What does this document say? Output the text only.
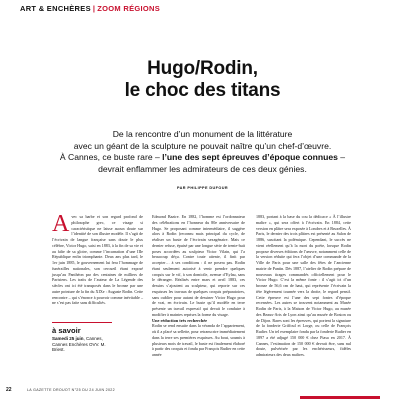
ART & ENCHÈRES | ZOOM RÉGIONS
Hugo/Rodin,
le choc des titans
De la rencontre d’un monument de la littérature
avec un géant de la sculpture ne pouvait naître qu’un chef-d’œuvre.
À Cannes, ce buste rare – l’une des sept épreuves d’époque connues –
devrait enflammer les admirateurs de ces deux génies.
PAR PHILIPPE DUFOUR
A vec sa barbe et son regard profond de philosophe grec, ce visage si caractéristique ne laisse aucun doute sur l’identité de son illustre modèle. Il s’agit de l’écrivain de langue française sans doute le plus célèbre, Victor Hugo, saisi en 1883, à la fin de sa vie et au faîte de sa gloire, comme l’incarnation d’une IIIe République enfin triomphante. Deux ans plus tard, le 1er juin 1885, le gouvernement lui fera l’hommage de funérailles nationales, son cercueil étant exposé jusqu’au Panthéon par des centaines de milliers de Parisiens. Les traits de l’auteur de La Légende des siècles ont ici été transposés dans le bronze par une autre pointure de la fin du XIXe : Auguste Rodin. Cette rencontre – qui s’énonce à pouvoir comme inévitable – ne s’est pas faite sans difficultés.

à savoir
Samedi 25 juin, Cannes, Cannes Enchères OVV. M. Briest.

Edmond Bazire. En 1882, l’homme est l’ordonnateur des célébrations en l’honneur du 80e anniversaire de Hugo. Se proposant comme intermédiaire, il suggère alors à Rodin (reconnu mais principal du cycle, de réaliser un buste de l’écrivain sexagénaire. Mais ce dernier refuse, épuisé par une longue série de trente-huit poses accordées au sculpteur Victor Vilain, qui l’a beaucoup déçu. Contre toute attente, il finit par accepter… à ses conditions : il ne posera pas. Rodin étant seulement autorisé à venir prendre quelques croquis sur le vif, à son domicile, avenue d’Eylau, sans le déranger. Réalisés entre mars et avril 1883, ces dessins s’ajoutent au sculpteur, qui reporte sur ces esquisses les travaux de quelques croquis préparatoires, sans oublier pour autant de dessiner Victor Hugo pour de vrai, en écrivain. Le buste qu’il modèle en terre présente un travail expressif qui devait le conduire à modifier à maintes reprises la forme du visage.

Une réduction très recherchée

Rodin se rend ensuite dans la véranda de l’appartement, où il a placé sa sellette, pour retranscrire immédiatement dans la terre ses premières esquisses. Au bout, soumis à plusieurs mois de travail, le buste est finalement élaboré à partir des croquis et fondu par François Rudier en cette année

1883, portant à la base du cou la dédicace « À l’illustre maître », qui sera offert à l’écrivain. En 1884, cette version en plâtre sera exposée à Londres et à Bruxelles. À Paris, le dernier des trois plâtres est présenté au Salon de 1886, suscitant la polémique. Cependant, le succès ne vient réellement qu’à la mort du poète, lorsque Rodin propose diverses éditions de l’œuvre, notamment celle de la version réduite qui fera l’objet d’une commande de la Ville de Paris pour une salle des fêtes de l’ancienne mairie de Pantin. Dès 1887, l’atelier de Rodin prépare de nouveaux tirages commandés officiellement pour le Victor Hugo. C’est la même fonte : il s’agit ici d’un bronze de 56,6 cm de haut, qui représente l’écrivain la tête légèrement tournée vers la droite, le regard pensif. Cette épreuve est l’une des sept fontes d’époque recensées. Les autres se trouvent notamment au Musée Rodin de Paris, à la Maison de Victor Hugo, au musée des Beaux-Arts de Lyon ainsi qu’au musée de Boston ou de Dijon. Rares sont les épreuves, qui portent la signature de la fonderie Griffoul et Lorge, ou celle de François Rudier. Un tel exemplaire fondu par la fonderie Rudier en 1897 a été adjugé 150 000 € chez Piasa en 2017. À Cannes, l’estimation de 150 000 € devrait être, sans nul doute, pulvérisée par les enchérisseurs, fidèles admirateurs des deux maîtres.

22	LA GAZETTE DROUOT N°25 DU 24 JUIN 2022
